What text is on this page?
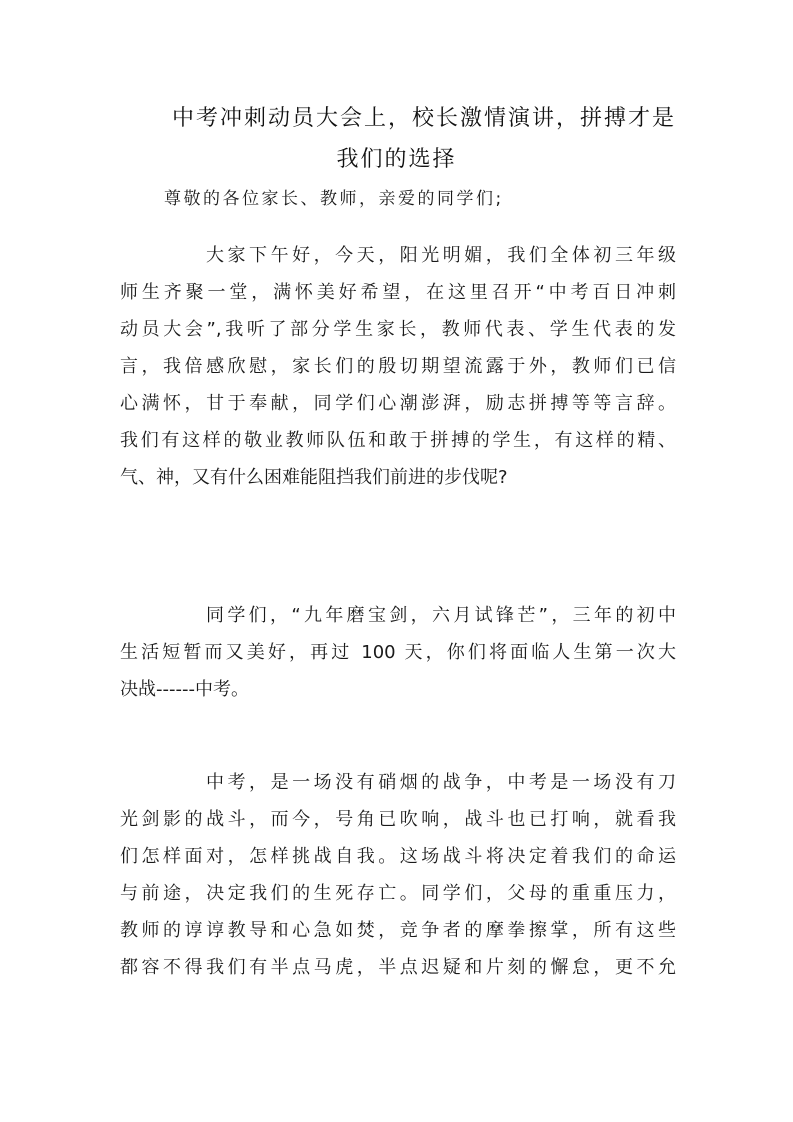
中考冲刺动员大会上，校长激情演讲，拼搏才是
我们的选择
尊敬的各位家长、教师，亲爱的同学们;
大家下午好，今天，阳光明媚，我们全体初三年级
师生齐聚一堂，满怀美好希望，在这里召开“中考百日冲刺
动员大会”,我听了部分学生家长，教师代表、学生代表的发
言，我倍感欣慰，家长们的殷切期望流露于外，教师们已信
心满怀，甘于奉献，同学们心潮澎湃，励志拼搏等等言辞。
我们有这样的敬业教师队伍和敢于拼搏的学生，有这样的精、
气、神，又有什么困难能阻挡我们前进的步伐呢?
同学们，“九年磨宝剑，六月试锋芒”，三年的初中
生活短暂而又美好，再过 100 天，你们将面临人生第一次大
决战------中考。
中考，是一场没有硝烟的战争，中考是一场没有刀
光剑影的战斗，而今，号角已吹响，战斗也已打响，就看我
们怎样面对，怎样挑战自我。这场战斗将决定着我们的命运
与前途，决定我们的生死存亡。同学们，父母的重重压力，
教师的谆谆教导和心急如焚，竞争者的摩拳擦掌，所有这些
都容不得我们有半点马虎，半点迟疑和片刻的懈怠，更不允
